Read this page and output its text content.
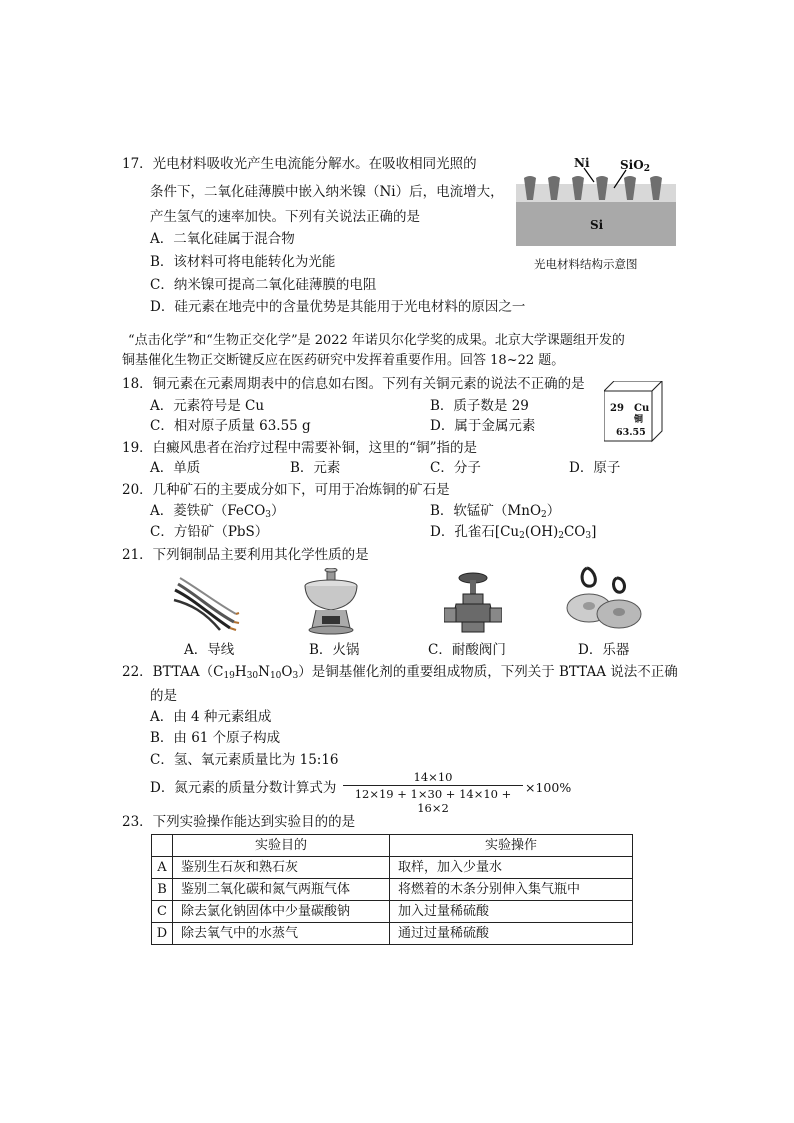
17．光电材料吸收光产生电流能分解水。在吸收相同光照的
条件下，二氧化硅薄膜中嵌入纳米镍（Ni）后，电流增大，
产生氢气的速率加快。下列有关说法正确的是
A．二氧化硅属于混合物
B．该材料可将电能转化为光能
C．纳米镍可提高二氧化硅薄膜的电阻
D．硅元素在地壳中的含量优势是其能用于光电材料的原因之一
Ni	SiO$_2$
Si
光电材料结构示意图
“点击化学”和“生物正交化学”是 2022 年诺贝尔化学奖的成果。北京大学课题组开发的
铜基催化生物正交断键反应在医药研究中发挥着重要作用。回答 18~22 题。
18．铜元素在元素周期表中的信息如右图。下列有关铜元素的说法不正确的是
A．元素符号是 Cu	B．质子数是 29
C．相对原子质量 63.55 g	D．属于金属元素
29 Cu
铜
63.55
19．白癜风患者在治疗过程中需要补铜，这里的“铜”指的是
A．单质	B．元素	C．分子	D．原子
20．几种矿石的主要成分如下，可用于冶炼铜的矿石是
A．菱铁矿（FeCO$_3$）	B．软锰矿（MnO$_2$）
C．方铅矿（PbS）	D．孔雀石$[Cu_2(OH)_2CO_3]$
21．下列铜制品主要利用其化学性质的是
A．导线	B．火锅	C．耐酸阀门	D．乐器
22．$BTTAA(C_{19}H_{30}N_{10}O_3)$是铜基催化剂的重要组成物质，下列关于 BTTAA 说法不正确
的是
A．由 4 种元素组成
B．由 61 个原子构成
C．氢、氧元素质量比为 15:16
D．氮元素的质量分数计算式为
14×10
12×19 + 1×30 + 14×10 + 16×2
×100%
23．下列实验操作能达到实验目的的是
	实验目的	实验操作
A	鉴别生石灰和熟石灰	取样，加入少量水
B	鉴别二氧化碳和氮气两瓶气体	将燃着的木条分别伸入集气瓶中
C	除去氯化钠固体中少量碳酸钠	加入过量稀硫酸
D	除去氧气中的水蒸气	通过过量稀硫酸
